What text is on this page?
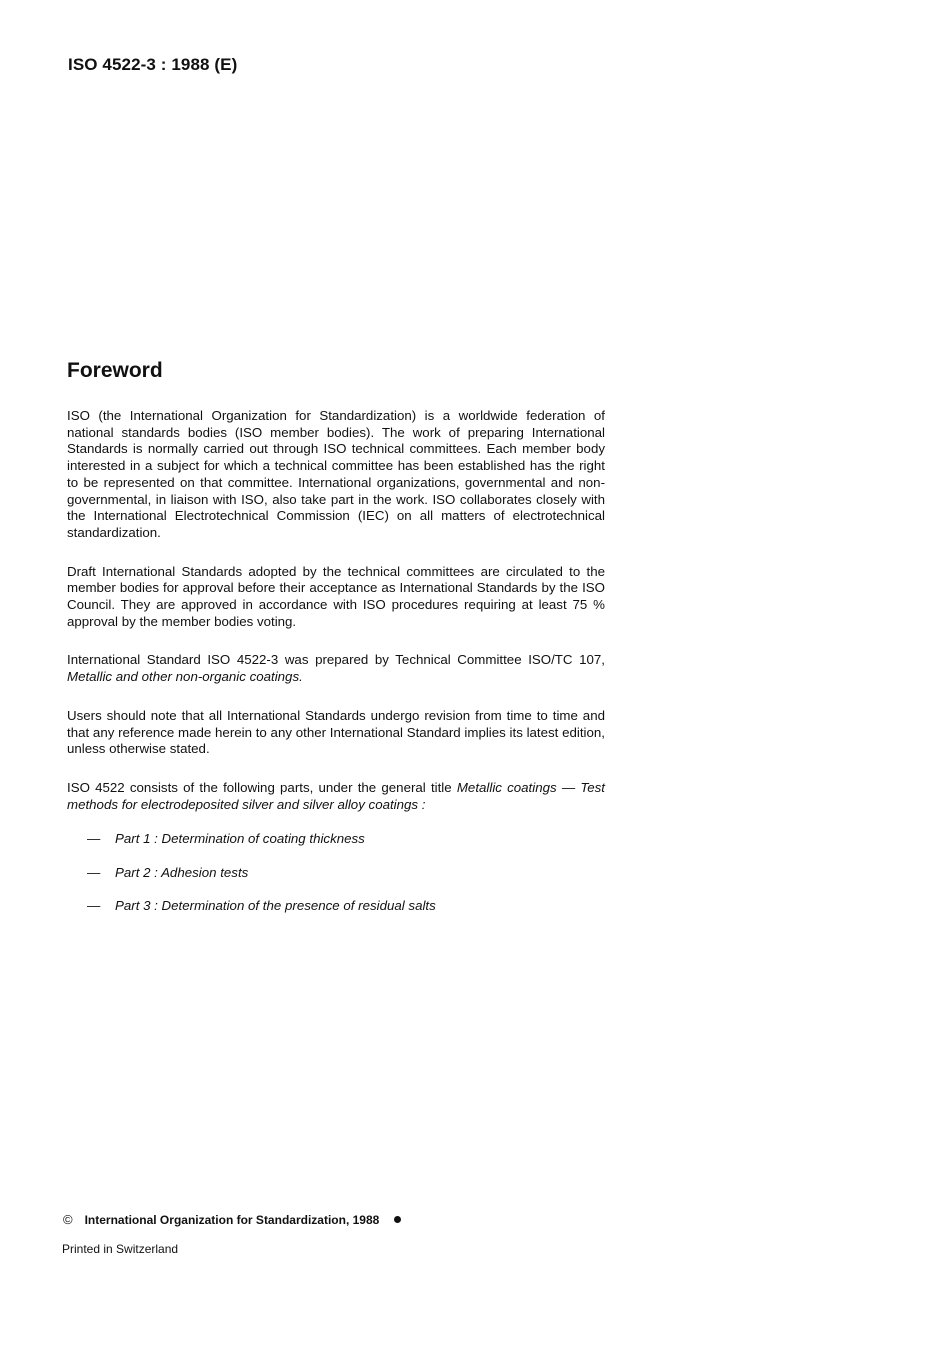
ISO 4522-3 : 1988 (E)
Foreword

ISO (the International Organization for Standardization) is a worldwide federation of national standards bodies (ISO member bodies). The work of preparing International Standards is normally carried out through ISO technical committees. Each member body interested in a subject for which a technical committee has been established has the right to be represented on that committee. International organizations, governmental and non-governmental, in liaison with ISO, also take part in the work. ISO collaborates closely with the International Electrotechnical Commission (IEC) on all matters of electrotechnical standardization.

Draft International Standards adopted by the technical committees are circulated to the member bodies for approval before their acceptance as International Standards by the ISO Council. They are approved in accordance with ISO procedures requiring at least 75 % approval by the member bodies voting.

International Standard ISO 4522-3 was prepared by Technical Committee ISO/TC 107, Metallic and other non-organic coatings.

Users should note that all International Standards undergo revision from time to time and that any reference made herein to any other International Standard implies its latest edition, unless otherwise stated.

ISO 4522 consists of the following parts, under the general title Metallic coatings — Test methods for electrodeposited silver and silver alloy coatings :

— Part 1 : Determination of coating thickness
— Part 2 : Adhesion tests
— Part 3 : Determination of the presence of residual salts
© International Organization for Standardization, 1988
Printed in Switzerland
